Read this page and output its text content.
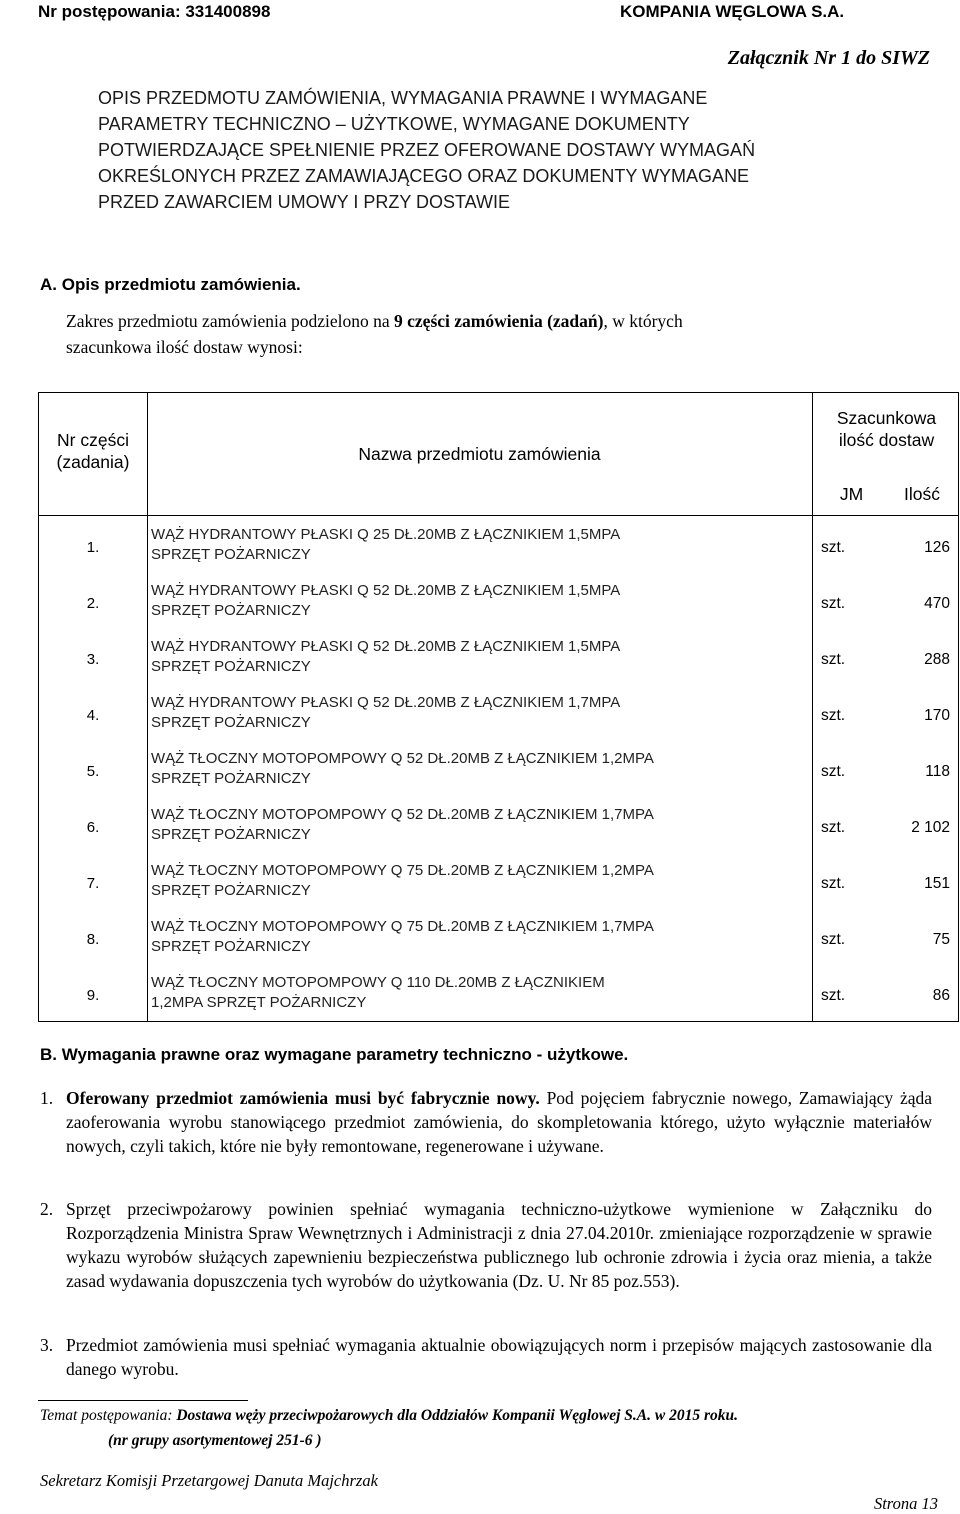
Nr postępowania: 331400898	KOMPANIA WĘGLOWA S.A.
Załącznik Nr 1 do SIWZ
OPIS PRZEDMOTU ZAMÓWIENIA, WYMAGANIA PRAWNE I WYMAGANE
PARAMETRY TECHNICZNO – UŻYTKOWE, WYMAGANE DOKUMENTY
POTWIERDZAJĄCE SPEŁNIENIE PRZEZ OFEROWANE DOSTAWY WYMAGAŃ
OKREŚLONYCH PRZEZ ZAMAWIAJĄCEGO ORAZ DOKUMENTY WYMAGANE
PRZED ZAWARCIEM UMOWY I PRZY DOSTAWIE
A. Opis przedmiotu zamówienia.
Zakres przedmiotu zamówienia podzielono na 9 części zamówienia (zadań), w których
szacunkowa ilość dostaw wynosi:
Nr części (zadania)	Nazwa przedmiotu zamówienia
Szacunkowa ilość dostaw
JM	Ilość
1.
WĄŻ HYDRANTOWY PŁASKI Q 25 DŁ.20MB Z ŁĄCZNIKIEM 1,5MPA
SPRZĘT POŻARNICZY	szt.	126
2.
WĄŻ HYDRANTOWY PŁASKI Q 52 DŁ.20MB Z ŁĄCZNIKIEM 1,5MPA
SPRZĘT POŻARNICZY	szt.	470
3.
WĄŻ HYDRANTOWY PŁASKI Q 52 DŁ.20MB Z ŁĄCZNIKIEM 1,5MPA
SPRZĘT POŻARNICZY	szt.	288
4.
WĄŻ HYDRANTOWY PŁASKI Q 52 DŁ.20MB Z ŁĄCZNIKIEM 1,7MPA
SPRZĘT POŻARNICZY	szt.	170
5.
WĄŻ TŁOCZNY MOTOPOMPOWY Q 52 DŁ.20MB Z ŁĄCZNIKIEM 1,2MPA
SPRZĘT POŻARNICZY	szt.	118
6.
WĄŻ TŁOCZNY MOTOPOMPOWY Q 52 DŁ.20MB Z ŁĄCZNIKIEM 1,7MPA
SPRZĘT POŻARNICZY	szt.	2 102
7.
WĄŻ TŁOCZNY MOTOPOMPOWY Q 75 DŁ.20MB Z ŁĄCZNIKIEM 1,2MPA
SPRZĘT POŻARNICZY	szt.	151
8.
WĄŻ TŁOCZNY MOTOPOMPOWY Q 75 DŁ.20MB Z ŁĄCZNIKIEM 1,7MPA
SPRZĘT POŻARNICZY	szt.	75
9.
WĄŻ TŁOCZNY MOTOPOMPOWY Q 110 DŁ.20MB Z ŁĄCZNIKIEM
1,2MPA SPRZĘT POŻARNICZY	szt.	86
B. Wymagania prawne oraz wymagane parametry techniczno - użytkowe.
1. Oferowany przedmiot zamówienia musi być fabrycznie nowy. Pod pojęciem fabrycznie nowego, Zamawiający żąda zaoferowania wyrobu stanowiącego przedmiot zamówienia, do skompletowania którego, użyto wyłącznie materiałów nowych, czyli takich, które nie były remontowane, regenerowane i używane.
2. Sprzęt przeciwpożarowy powinien spełniać wymagania techniczno-użytkowe wymienione w Załączniku do Rozporządzenia Ministra Spraw Wewnętrznych i Administracji z dnia 27.04.2010r. zmieniające rozporządzenie w sprawie wykazu wyrobów służących zapewnieniu bezpieczeństwa publicznego lub ochronie zdrowia i życia oraz mienia, a także zasad wydawania dopuszczenia tych wyrobów do użytkowania (Dz. U. Nr 85 poz.553).
3. Przedmiot zamówienia musi spełniać wymagania aktualnie obowiązujących norm i przepisów mających zastosowanie dla danego wyrobu.
Temat postępowania: Dostawa węży przeciwpożarowych dla Oddziałów Kompanii Węglowej S.A. w 2015 roku.
(nr grupy asortymentowej 251-6 )
Sekretarz Komisji Przetargowej Danuta Majchrzak
Strona 13
